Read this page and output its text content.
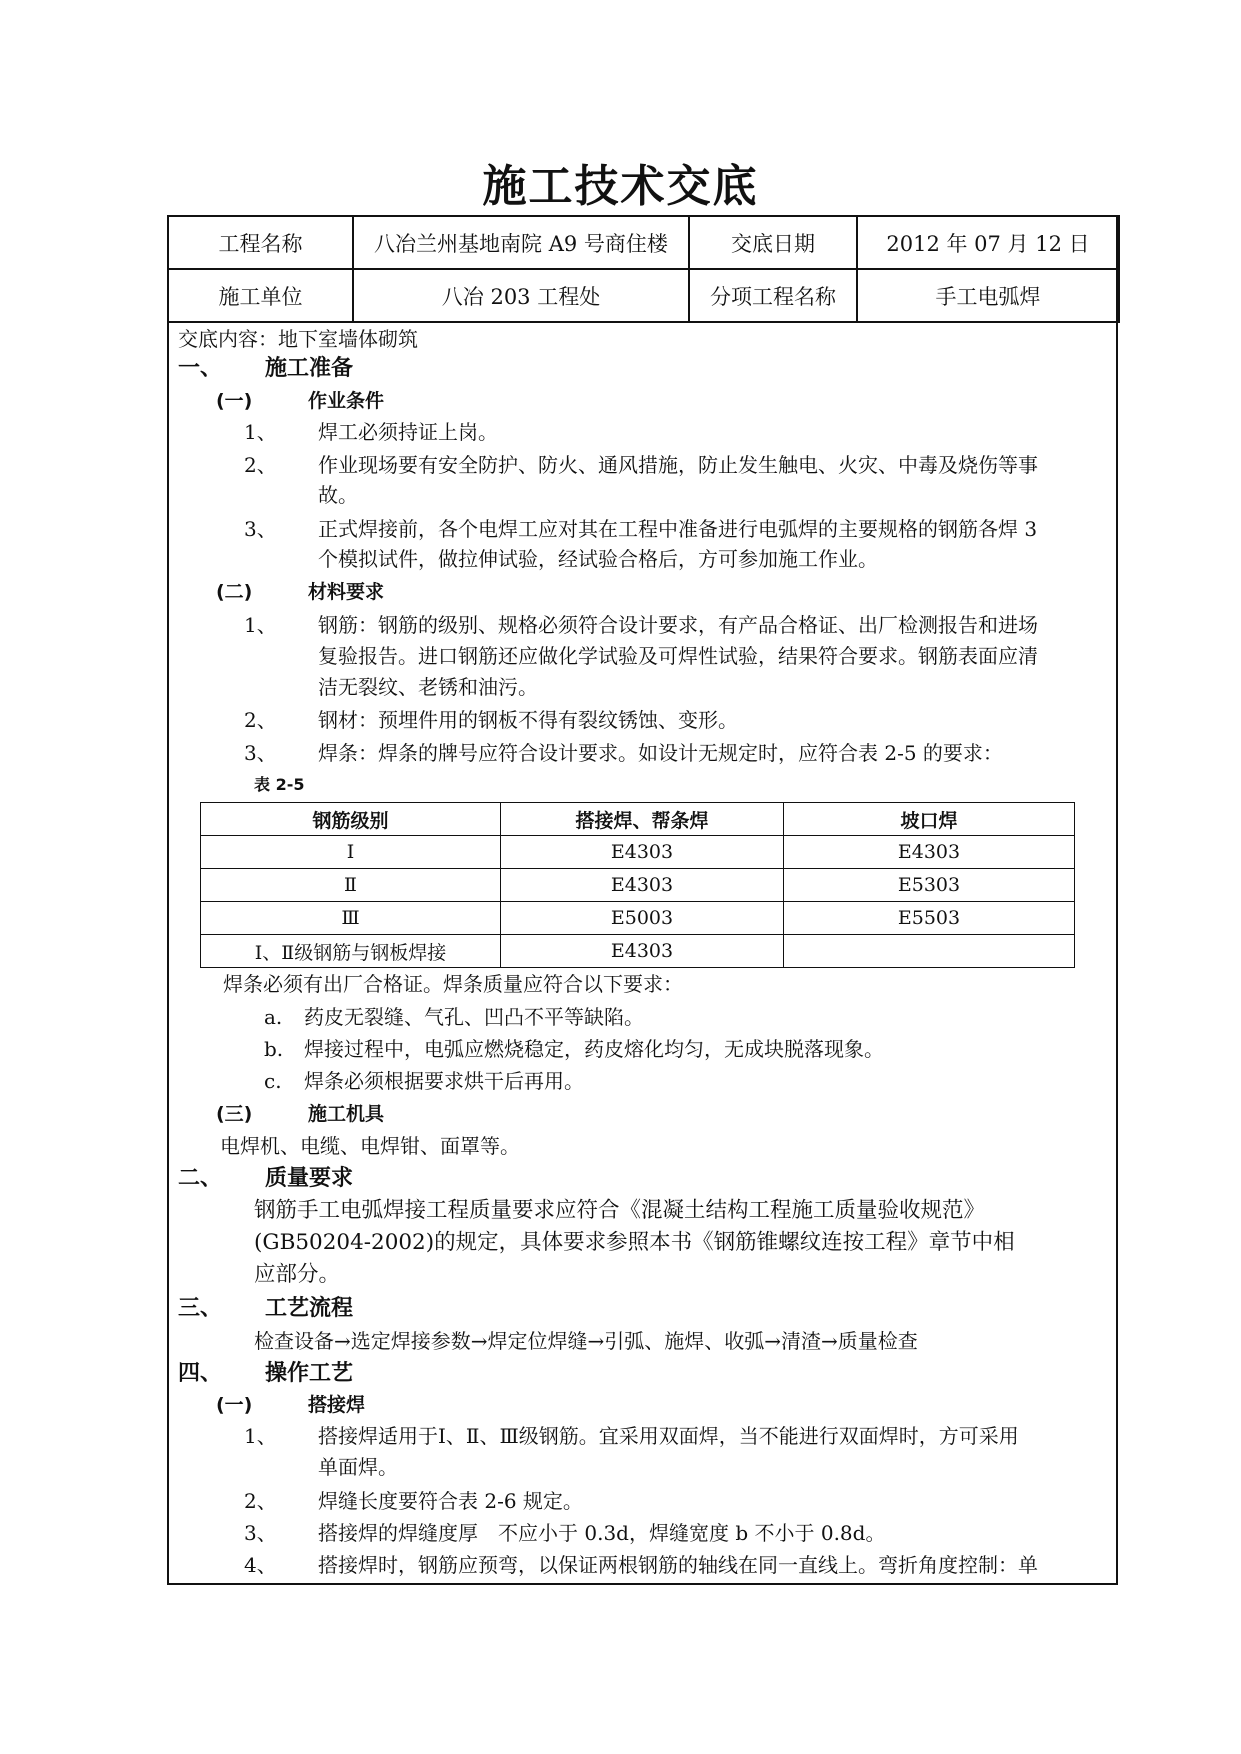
施工技术交底
工程名称	八冶兰州基地南院 A9 号商住楼	交底日期	2012 年 07 月 12 日
施工单位	八冶 203 工程处	分项工程名称	手工电弧焊
交底内容：地下室墙体砌筑
一、 施工准备
(一)	作业条件
1、 焊工必须持证上岗。
2、 作业现场要有安全防护、防火、通风措施，防止发生触电、火灾、中毒及烧伤等事
故。
3、 正式焊接前，各个电焊工应对其在工程中准备进行电弧焊的主要规格的钢筋各焊 3
个模拟试件，做拉伸试验，经试验合格后，方可参加施工作业。
(二)	材料要求
1、 钢筋：钢筋的级别、规格必须符合设计要求，有产品合格证、出厂检测报告和进场
复验报告。进口钢筋还应做化学试验及可焊性试验，结果符合要求。钢筋表面应清
洁无裂纹、老锈和油污。
2、 钢材：预埋件用的钢板不得有裂纹锈蚀、变形。
3、 焊条：焊条的牌号应符合设计要求。如设计无规定时，应符合表 2-5 的要求：
表 2-5
钢筋级别	搭接焊、帮条焊	坡口焊
Ⅰ	E4303	E4303
Ⅱ	E4303	E5303
Ⅲ	E5003	E5503
Ⅰ、Ⅱ级钢筋与钢板焊接	E4303	
焊条必须有出厂合格证。焊条质量应符合以下要求：
a. 药皮无裂缝、气孔、凹凸不平等缺陷。
b. 焊接过程中，电弧应燃烧稳定，药皮熔化均匀，无成块脱落现象。
c. 焊条必须根据要求烘干后再用。
(三)	施工机具
电焊机、电缆、电焊钳、面罩等。
二、 质量要求
钢筋手工电弧焊接工程质量要求应符合《混凝土结构工程施工质量验收规范》
(GB50204-2002)的规定，具体要求参照本书《钢筋锥螺纹连按工程》章节中相
应部分。
三、 工艺流程
检查设备→选定焊接参数→焊定位焊缝→引弧、施焊、收弧→清渣→质量检查
四、 操作工艺
(一)	搭接焊
1、 搭接焊适用于Ⅰ、Ⅱ、Ⅲ级钢筋。宜采用双面焊，当不能进行双面焊时，方可采用
单面焊。
2、 焊缝长度要符合表 2-6 规定。
3、 搭接焊的焊缝度厚　不应小于 0.3d，焊缝宽度 b 不小于 0.8d。
4、 搭接焊时，钢筋应预弯，以保证两根钢筋的轴线在同一直线上。弯折角度控制：单
